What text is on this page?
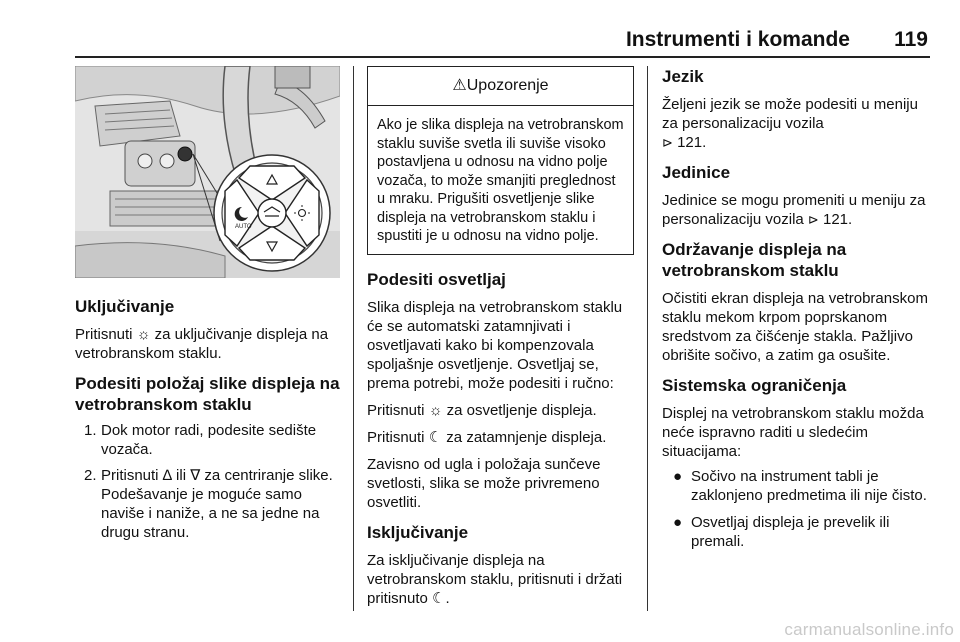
Instrumenti i komande 119
AUTO
Uključivanje

Pritisnuti ☼ za uključivanje displeja na vetrobranskom staklu.

Podesiti položaj slike displeja na vetrobranskom staklu
1. Dok motor radi, podesite sedište vozača.
2. Pritisnuti ∆ ili ∇ za centriranje slike. Podešavanje je moguće samo naviše i naniže, a ne sa jedne na drugu stranu.
⚠Upozorenje
Ako je slika displeja na vetrobranskom staklu suviše svetla ili suviše visoko postavljena u odnosu na vidno polje vozača, to može smanjiti preglednost u mraku. Prigušiti osvetljenje slike displeja na vetrobranskom staklu i spustiti je u odnosu na vidno polje.
Podesiti osvetljaj

Slika displeja na vetrobranskom staklu će se automatski zatamnjivati i osvetljavati kako bi kompenzovala spoljašnje osvetljenje. Osvetljaj se, prema potrebi, može podesiti i ručno:

Pritisnuti ☼ za osvetljenje displeja.

Pritisnuti ☾ za zatamnjenje displeja.

Zavisno od ugla i položaja sunčeve svetlosti, slika se može privremeno osvetliti.

Isključivanje

Za isključivanje displeja na vetrobranskom staklu, pritisnuti i držati pritisnuto ☾.

Jezik

Željeni jezik se može podesiti u meniju za personalizaciju vozila
⊳ 121.

Jedinice

Jedinice se mogu promeniti u meniju za personalizaciju vozila ⊳ 121.

Održavanje displeja na vetrobranskom staklu

Očistiti ekran displeja na vetrobranskom staklu mekom krpom poprskanom sredstvom za čišćenje stakla. Pažljivo obrišite sočivo, a zatim ga osušite.

Sistemska ograničenja

Displej na vetrobranskom staklu možda neće ispravno raditi u sledećim situacijama:

● Sočivo na instrument tabli je zaklonjeno predmetima ili nije čisto.
● Osvetljaj displeja je prevelik ili premali.
carmanualsonline.info
